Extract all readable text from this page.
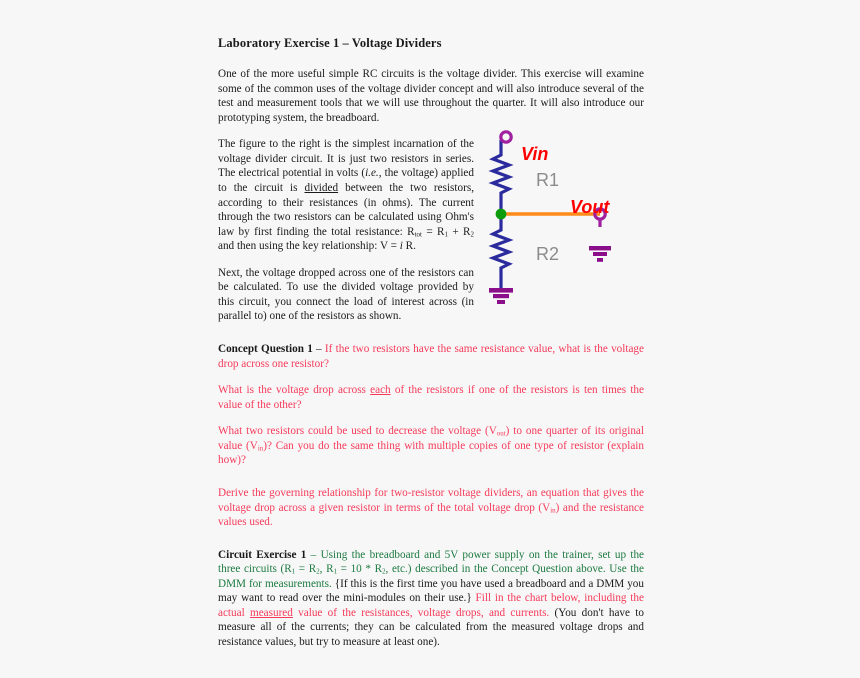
Laboratory Exercise 1 – Voltage Dividers

One of the more useful simple RC circuits is the voltage divider. This exercise will examine some of the common uses of the voltage divider concept and will also introduce several of the test and measurement tools that we will use throughout the quarter. It will also introduce our prototyping system, the breadboard.

The figure to the right is the simplest incarnation of the voltage divider circuit. It is just two resistors in series. The electrical potential in volts (i.e., the voltage) applied to the circuit is divided between the two resistors, according to their resistances (in ohms). The current through the two resistors can be calculated using Ohm's law by first finding the total resistance: $R_{tot} = R_1 + R_2$ and then using the key relationship: V = i R.

Next, the voltage dropped across one of the resistors can be calculated. To use the divided voltage provided by this circuit, you connect the load of interest across (in parallel to) one of the resistors as shown.

Concept Question 1 – If the two resistors have the same resistance value, what is the voltage drop across one resistor?

What is the voltage drop across each of the resistors if one of the resistors is ten times the value of the other?

What two resistors could be used to decrease the voltage $(V_{out})$ to one quarter of its original value $(V_{in})$? Can you do the same thing with multiple copies of one type of resistor (explain how)?

Derive the governing relationship for two-resistor voltage dividers, an equation that gives the voltage drop across a given resistor in terms of the total voltage drop $(V_{in})$ and the resistance values used.

Circuit Exercise 1 – Using the breadboard and 5V power supply on the trainer, set up the three circuits ($R_1 = R_2$, $R_1 = 10 * R_2$, etc.) described in the Concept Question above. Use the DMM for measurements. {If this is the first time you have used a breadboard and a DMM you may want to read over the mini-modules on their use.} Fill in the chart below, including the actual measured value of the resistances, voltage drops, and currents. (You don't have to measure all of the currents; they can be calculated from the measured voltage drops and resistance values, but try to measure at least one).

Vin
Vout
R1
R2
